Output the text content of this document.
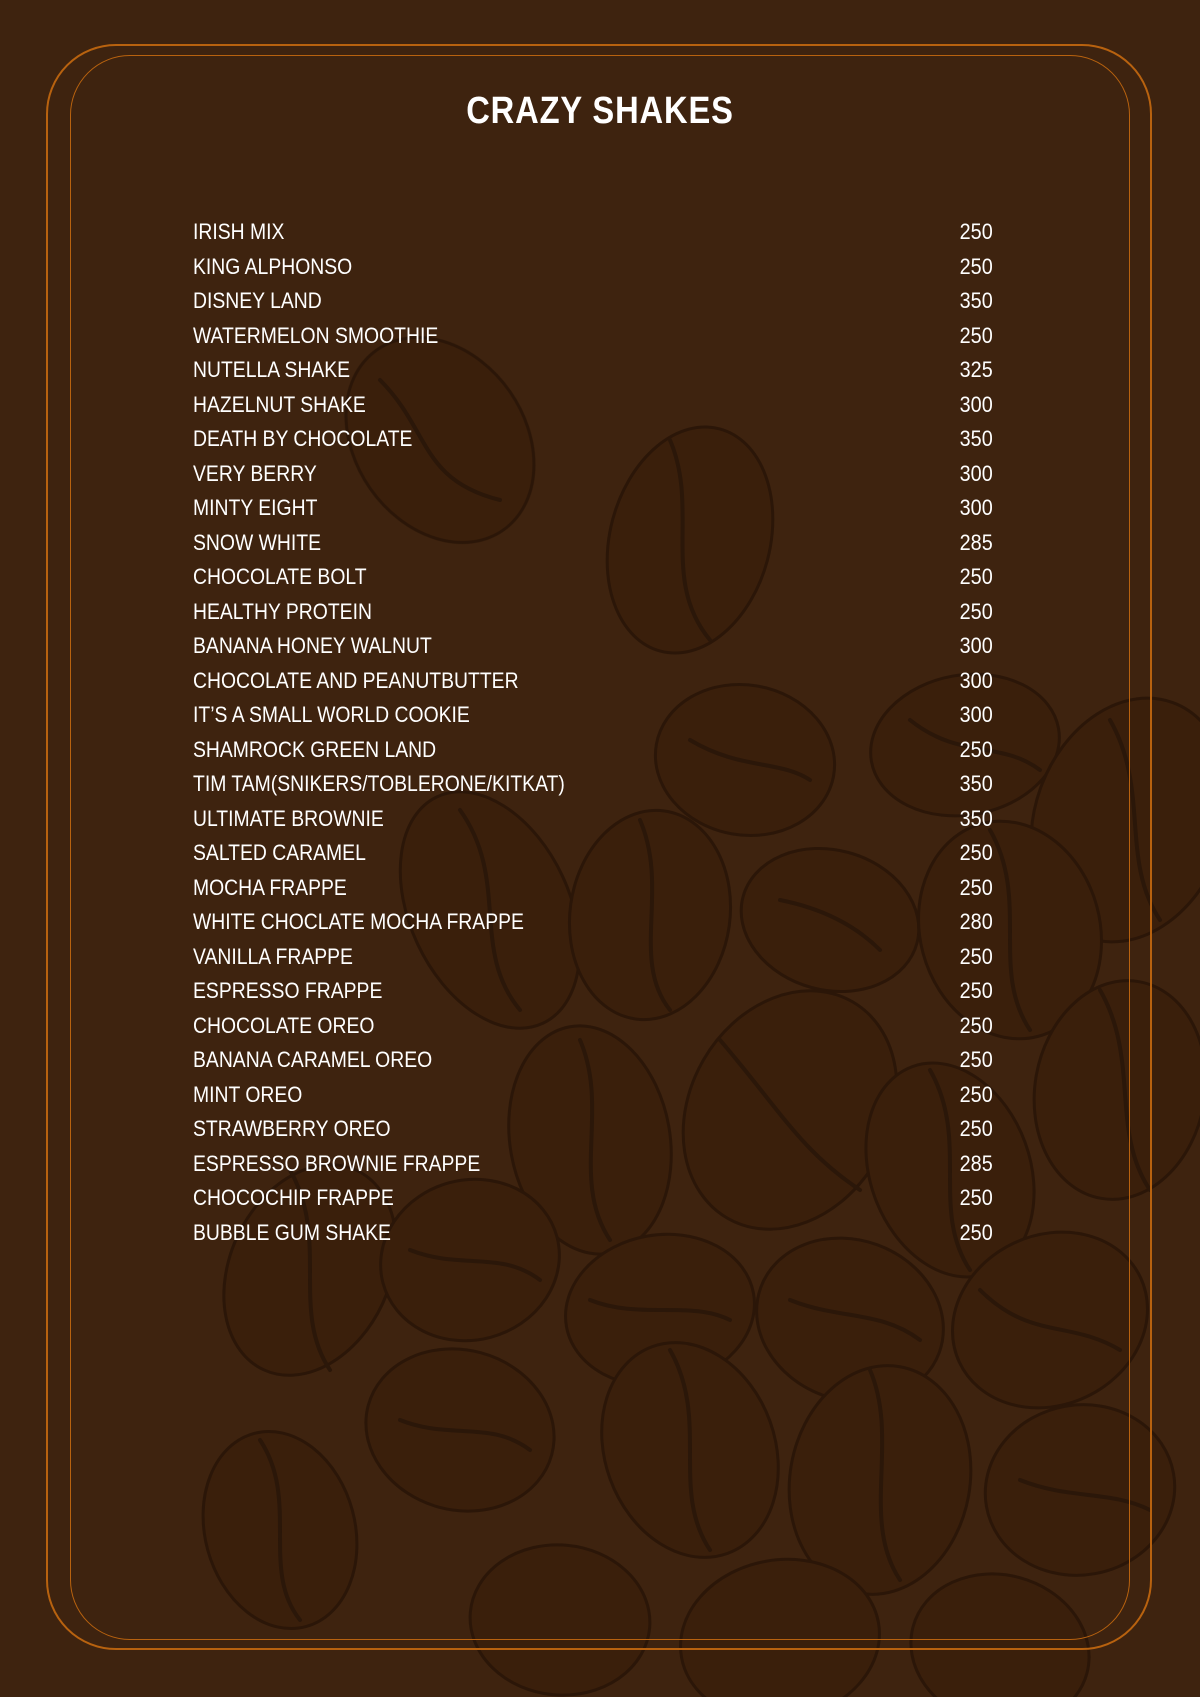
CRAZY SHAKES
IRISH MIX	250
KING ALPHONSO	250
DISNEY LAND	350
WATERMELON SMOOTHIE	250
NUTELLA SHAKE	325
HAZELNUT SHAKE	300
DEATH BY CHOCOLATE	350
VERY BERRY	300
MINTY EIGHT	300
SNOW WHITE	285
CHOCOLATE BOLT	250
HEALTHY PROTEIN	250
BANANA HONEY WALNUT	300
CHOCOLATE AND PEANUTBUTTER	300
IT’S A SMALL WORLD COOKIE	300
SHAMROCK GREEN LAND	250
TIM TAM(SNIKERS/TOBLERONE/KITKAT)	350
ULTIMATE BROWNIE	350
SALTED CARAMEL	250
MOCHA FRAPPE	250
WHITE CHOCLATE MOCHA FRAPPE	280
VANILLA FRAPPE	250
ESPRESSO FRAPPE	250
CHOCOLATE OREO	250
BANANA CARAMEL OREO	250
MINT OREO	250
STRAWBERRY OREO	250
ESPRESSO BROWNIE FRAPPE	285
CHOCOCHIP FRAPPE	250
BUBBLE GUM SHAKE	250
